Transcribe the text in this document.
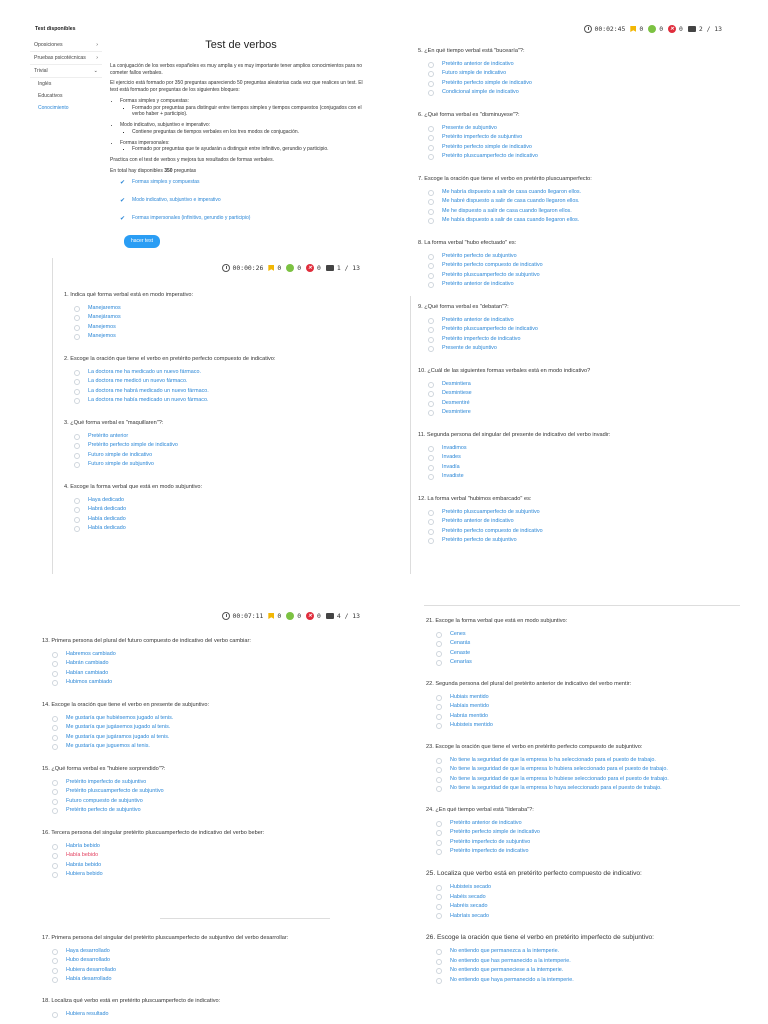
Test disponibles
Oposiciones	›
Pruebas psicotécnicas ›
Trivial	⌄
Inglés
Educativos
Conocimiento
Test de verbos

La conjugación de los verbos españoles es muy amplia y es muy importante tener amplios conocimientos para no cometer fallos verbales.

El ejercicio está formado por 350 preguntas apareciendo 50 preguntas aleatorias cada vez que realices un test. El test está formado por preguntas de los siguientes bloques:

• Formas simples y compuestas:
▪ Formado por preguntas para distinguir entre tiempos simples y tiempos compuestos (conjugados con el verbo haber + participio).
• Modo indicativo, subjuntivo e imperativo:
▪ Contiene preguntas de tiempos verbales en los tres modos de conjugación.
• Formas impersonales:
▪ Formado por preguntas que te ayudarán a distinguir entre infinitivo, gerundio y participio.

Practica con el test de verbos y mejora tus resultados de formas verbales.

En total hay disponibles 350 preguntas

✔ Formas simples y compuestas
✔ Modo indicativo, subjuntivo e imperativo
✔ Formas impersonales (infinitivo, gerundio y participio)
hacer test
00:00:26 0	0	✕ 0	1 / 13
00:02:45 0	0	✕ 0	2 / 13
00:07:11 0	0	✕ 0	4 / 13
1. Indica qué forma verbal está en modo imperativo:
Manejaremos
Manejáramos
Manejemos
Manejemos
2. Escoge la oración que tiene el verbo en pretérito perfecto compuesto de indicativo:
La doctora me ha medicado un nuevo fármaco.
La doctora me medicó un nuevo fármaco.
La doctora me habrá medicado un nuevo fármaco.
La doctora me había medicado un nuevo fármaco.
3. ¿Qué forma verbal es "maquillaren"?:
Pretérito anterior
Pretérito perfecto simple de indicativo
Futuro simple de indicativo
Futuro simple de subjuntivo
4. Escoge la forma verbal que está en modo subjuntivo:
Haya dedicado
Habrá dedicado
Había dedicado
Había dedicado
5. ¿En qué tiempo verbal está "bucearía"?:
Pretérito anterior de indicativo
Futuro simple de indicativo
Pretérito perfecto simple de indicativo
Condicional simple de indicativo
6. ¿Qué forma verbal es "disminuyese"?:
Presente de subjuntivo
Pretérito imperfecto de subjuntivo
Pretérito perfecto simple de indicativo
Pretérito pluscuamperfecto de indicativo
7. Escoge la oración que tiene el verbo en pretérito pluscuamperfecto:
Me habría dispuesto a salir de casa cuando llegaron ellos.
Me habré dispuesto a salir de casa cuando llegaron ellos.
Me he dispuesto a salir de casa cuando llegaron ellos.
Me había dispuesto a salir de casa cuando llegaron ellos.
8. La forma verbal "hubo efectuado" es:
Pretérito perfecto de subjuntivo
Pretérito perfecto compuesto de indicativo
Pretérito pluscuamperfecto de subjuntivo
Pretérito anterior de indicativo
9. ¿Qué forma verbal es "debatan"?:
Pretérito anterior de indicativo
Pretérito pluscuamperfecto de indicativo
Pretérito imperfecto de indicativo
Presente de subjuntivo
10. ¿Cuál de las siguientes formas verbales está en modo indicativo?
Desmintiera
Desmintiese
Desmentiré
Desmintiere
11. Segunda persona del singular del presente de indicativo del verbo invadir:
Invadimos
Invades
Invadía
Invadiste
12. La forma verbal "hubimos embarcado" es:
Pretérito pluscuamperfecto de subjuntivo
Pretérito anterior de indicativo
Pretérito perfecto compuesto de indicativo
Pretérito perfecto de subjuntivo
13. Primera persona del plural del futuro compuesto de indicativo del verbo cambiar:
Habremos cambiado
Habrán cambiado
Habían cambiado
Hubimos cambiado
14. Escoge la oración que tiene el verbo en presente de subjuntivo:
Me gustaría que hubiésemos jugado al tenis.
Me gustaría que jugásemos jugado al tenis.
Me gustaría que jugáramos jugado al tenis.
Me gustaría que juguemos al tenis.
15. ¿Qué forma verbal es "hubiere sorprendido"?:
Pretérito imperfecto de subjuntivo
Pretérito pluscuamperfecto de subjuntivo
Futuro compuesto de subjuntivo
Pretérito perfecto de subjuntivo
16. Tercera persona del singular pretérito pluscuamperfecto de indicativo del verbo beber:
Habría bebido
Había bebido
Habrás bebido
Hubiera bebido
17. Primera persona del singular del pretérito pluscuamperfecto de subjuntivo del verbo desarrollar:
Haya desarrollado
Hubo desarrollado
Hubiera desarrollado
Había desarrollado
18. Localiza qué verbo está en pretérito pluscuamperfecto de indicativo:
Hubiera resultado
21. Escoge la forma verbal que está en modo subjuntivo:
Cenes
Cenarás
Cenaste
Cenarías
22. Segunda persona del plural del pretérito anterior de indicativo del verbo mentir:
Hubiais mentido
Habíais mentido
Habrás mentido
Hubisteis mentido
23. Escoge la oración que tiene el verbo en pretérito perfecto compuesto de subjuntivo:
No tiene la seguridad de que la empresa lo ha seleccionado para el puesto de trabajo.
No tiene la seguridad de que la empresa lo hubiera seleccionado para el puesto de trabajo.
No tiene la seguridad de que la empresa lo hubiese seleccionado para el puesto de trabajo.
No tiene la seguridad de que la empresa lo haya seleccionado para el puesto de trabajo.
24. ¿En qué tiempo verbal está "lideraba"?:
Pretérito anterior de indicativo
Pretérito perfecto simple de indicativo
Pretérito imperfecto de subjuntivo
Pretérito imperfecto de indicativo
25. Localiza que verbo está en pretérito perfecto compuesto de indicativo:
Hubisteis secado
Habéis secado
Habréis secado
Habríais secado
26. Escoge la oración que tiene el verbo en pretérito imperfecto de subjuntivo:
No entiendo que permanezca a la intemperie.
No entiendo que has permanecido a la intemperie.
No entiendo que permaneciese a la intemperie.
No entiendo que haya permanecido a la intemperie.
